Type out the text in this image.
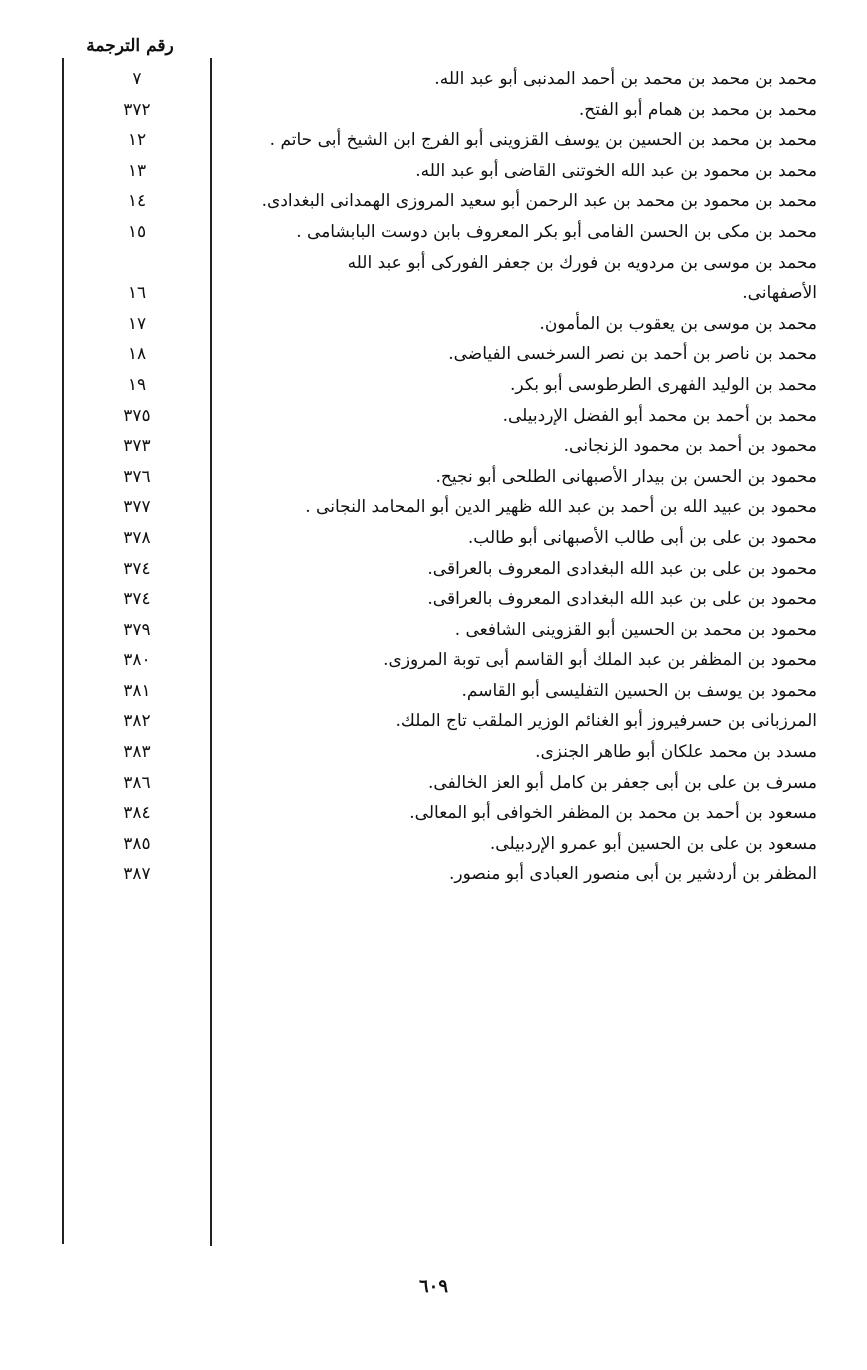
رقم الترجمة
محمد بن محمد بن محمد بن أحمد المدنبى أبو عبد الله.
٧
محمد بن محمد بن همام أبو الفتح.
٣٧٢
محمد بن محمد بن الحسين بن يوسف القزوينى أبو الفرج ابن الشيخ أبى حاتم .
١٢
محمد بن محمود بن عبد الله الخوتنى القاضى أبو عبد الله.
١٣
محمد بن محمود بن محمد بن عبد الرحمن أبو سعيد المروزى الهمدانى البغدادى.
١٤
محمد بن مكى بن الحسن الفامى أبو بكر المعروف بابن دوست البابشامى .
١٥
محمد بن موسى بن مردويه بن فورك بن جعفر الفوركى أبو عبد الله
الأصفهانى.
١٦
محمد بن موسى بن يعقوب بن المأمون.
١٧
محمد بن ناصر بن أحمد بن نصر السرخسى الفياضى.
١٨
محمد بن الوليد الفهرى الطرطوسى أبو بكر.
١٩
محمد بن أحمد بن محمد أبو الفضل الإردبيلى.
٣٧٥
محمود بن أحمد بن محمود الزنجانى.
٣٧٣
محمود بن الحسن بن بيدار الأصبهانى الطلحى أبو نجيح.
٣٧٦
محمود بن عبيد الله بن أحمد بن عبد الله ظهير الدين أبو المحامد النجانى .
٣٧٧
محمود بن على بن أبى طالب الأصبهانى أبو طالب.
٣٧٨
محمود بن على بن عبد الله البغدادى المعروف بالعراقى.
٣٧٤
محمود بن على بن عبد الله البغدادى المعروف بالعراقى.
٣٧٤
محمود بن محمد بن الحسين أبو القزوينى الشافعى .
٣٧٩
محمود بن المظفر بن عبد الملك أبو القاسم أبى توبة المروزى.
٣٨٠
محمود بن يوسف بن الحسين التفليسى أبو القاسم.
٣٨١
المرزبانى بن حسرفيروز أبو الغنائم الوزير الملقب تاج الملك.
٣٨٢
مسدد بن محمد علكان أبو طاهر الجنزى.
٣٨٣
مسرف بن على بن أبى جعفر بن كامل أبو العز الخالفى.
٣٨٦
مسعود بن أحمد بن محمد بن المظفر الخوافى أبو المعالى.
٣٨٤
مسعود بن على بن الحسين أبو عمرو الإردبيلى.
٣٨٥
المظفر بن أردشير بن أبى منصور العبادى أبو منصور.
٣٨٧
٦٠٩
